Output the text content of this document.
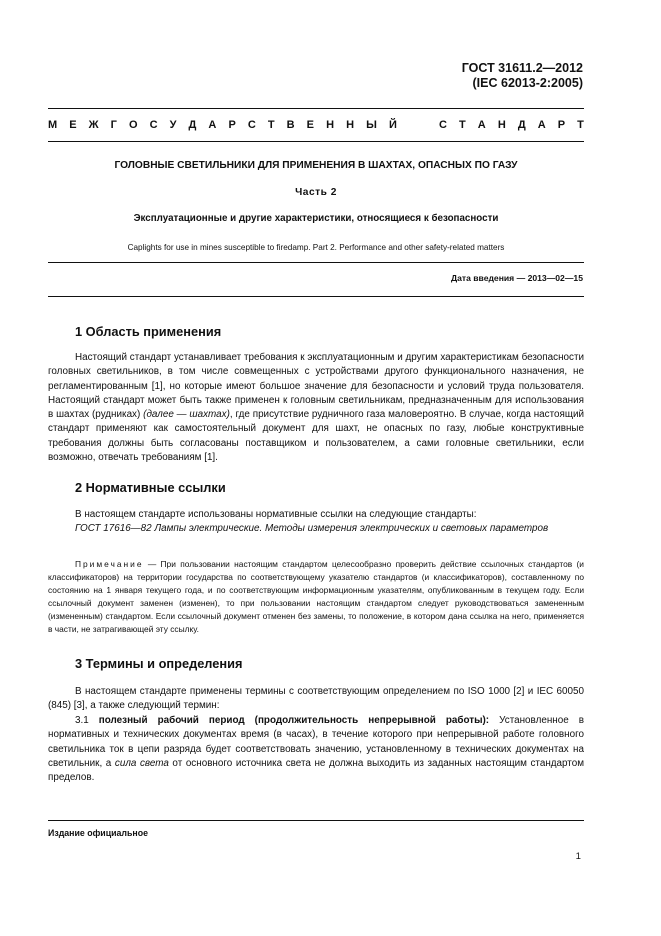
ГОСТ 31611.2—2012
(IEC 62013-2:2005)
М Е Ж Г О С У Д А Р С Т В Е Н Н Ы Й	С Т А Н Д А Р Т
ГОЛОВНЫЕ СВЕТИЛЬНИКИ ДЛЯ ПРИМЕНЕНИЯ В ШАХТАХ, ОПАСНЫХ ПО ГАЗУ
Часть 2
Эксплуатационные и другие характеристики, относящиеся к безопасности
Caplights for use in mines susceptible to firedamp. Part 2. Performance and other safety-related matters
Дата введения — 2013—02—15
1 Область применения
Настоящий стандарт устанавливает требования к эксплуатационным и другим характеристикам безопасности головных светильников, в том числе совмещенных с устройствами другого функционального назначения, не регламентированным [1], но которые имеют большое значение для безопасности и условий труда пользователя. Настоящий стандарт может быть также применен к головным светильникам, предназначенным для использования в шахтах (рудниках) (далее — шахтах), где присутствие рудничного газа маловероятно. В случае, когда настоящий стандарт применяют как самостоятельный документ для шахт, не опасных по газу, любые конструктивные требования должны быть согласованы поставщиком и пользователем, а сами головные светильники, если возможно, отвечать требованиям [1].
2 Нормативные ссылки
В настоящем стандарте использованы нормативные ссылки на следующие стандарты:
ГОСТ 17616—82 Лампы электрические. Методы измерения электрических и световых параметров
Примечание — При пользовании настоящим стандартом целесообразно проверить действие ссылочных стандартов (и классификаторов) на территории государства по соответствующему указателю стандартов (и классификаторов), составленному по состоянию на 1 января текущего года, и по соответствующим информационным указателям, опубликованным в текущем году. Если ссылочный документ заменен (изменен), то при пользовании настоящим стандартом следует руководствоваться замененным (измененным) стандартом. Если ссылочный документ отменен без замены, то положение, в котором дана ссылка на него, применяется в части, не затрагивающей эту ссылку.
3 Термины и определения
В настоящем стандарте применены термины с соответствующим определением по ISO 1000 [2] и IEC 60050 (845) [3], а также следующий термин:
3.1 полезный рабочий период (продолжительность непрерывной работы): Установленное в нормативных и технических документах время (в часах), в течение которого при непрерывной работе головного светильника ток в цепи разряда будет соответствовать значению, установленному в технических документах на светильник, а сила света от основного источника света не должна выходить из заданных настоящим стандартом пределов.
Издание официальное
1
